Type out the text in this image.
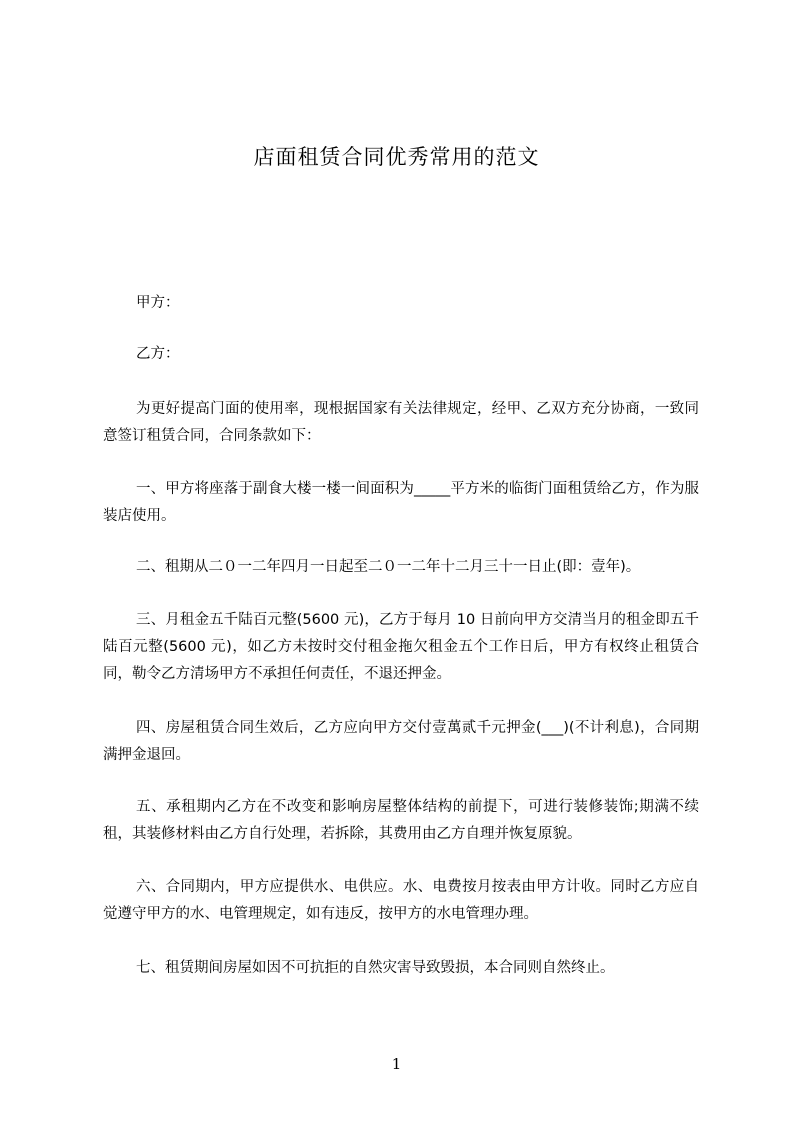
店面租赁合同优秀常用的范文
甲方：
乙方：
为更好提高门面的使用率，现根据国家有关法律规定，经甲、乙双方充分协商，一致同意签订租赁合同，合同条款如下：
一、甲方将座落于副食大楼一楼一间面积为_____平方米的临街门面租赁给乙方，作为服装店使用。
二、租期从二０一二年四月一日起至二０一二年十二月三十一日止(即：壹年)。
三、月租金五千陆百元整(5600 元)，乙方于每月 10 日前向甲方交清当月的租金即五千陆百元整(5600 元)，如乙方未按时交付租金拖欠租金五个工作日后，甲方有权终止租赁合同，勒令乙方清场甲方不承担任何责任，不退还押金。
四、房屋租赁合同生效后，乙方应向甲方交付壹萬贰千元押金(___)(不计利息)，合同期满押金退回。
五、承租期内乙方在不改变和影响房屋整体结构的前提下，可进行装修装饰;期满不续租，其装修材料由乙方自行处理，若拆除，其费用由乙方自理并恢复原貌。
六、合同期内，甲方应提供水、电供应。水、电费按月按表由甲方计收。同时乙方应自觉遵守甲方的水、电管理规定，如有违反，按甲方的水电管理办理。
七、租赁期间房屋如因不可抗拒的自然灾害导致毁损，本合同则自然终止。
1
